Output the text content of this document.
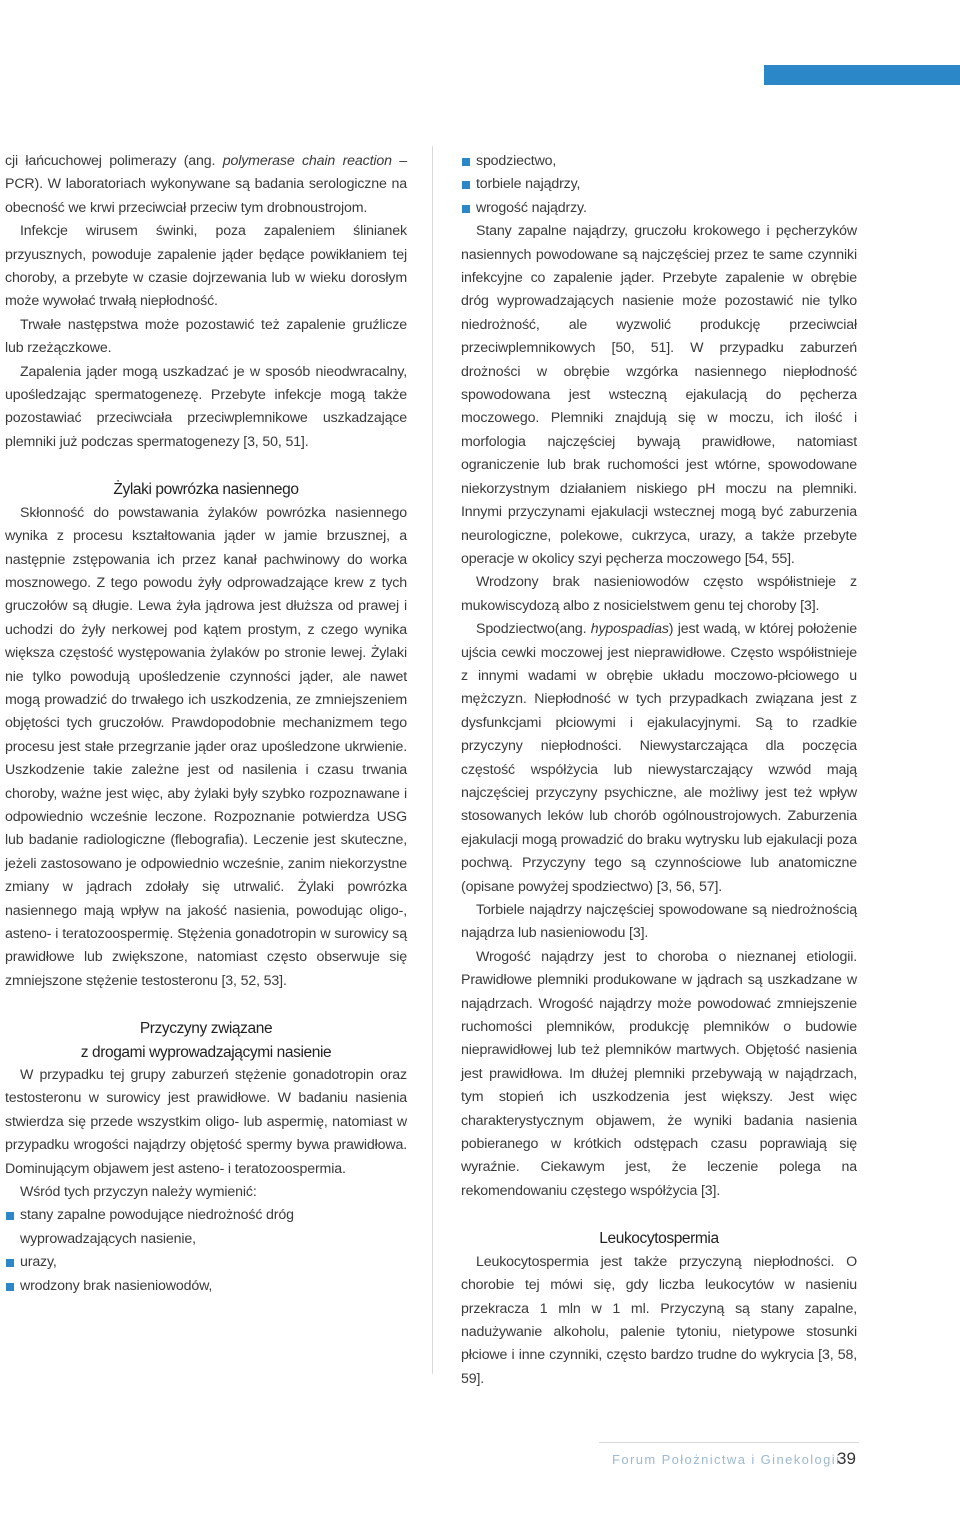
cji łańcuchowej polimerazy (ang. polymerase chain reaction – PCR). W laboratoriach wykonywane są badania serologiczne na obecność we krwi przeciwciał przeciw tym drobnoustrojom.

Infekcje wirusem świnki, poza zapaleniem ślinianek przyusznych, powoduje zapalenie jąder będące powikłaniem tej choroby, a przebyte w czasie dojrzewania lub w wieku dorosłym może wywołać trwałą niepłodność.

Trwałe następstwa może pozostawić też zapalenie gruźlicze lub rzeżączkowe.

Zapalenia jąder mogą uszkadzać je w sposób nieodwracalny, upośledzając spermatogenezę. Przebyte infekcje mogą także pozostawiać przeciwciała przeciwplemnikowe uszkadzające plemniki już podczas spermatogenezy [3, 50, 51].

Żylaki powrózka nasiennego

Skłonność do powstawania żylaków powrózka nasiennego wynika z procesu kształtowania jąder w jamie brzusznej, a następnie zstępowania ich przez kanał pachwinowy do worka mosznowego. Z tego powodu żyły odprowadzające krew z tych gruczołów są długie. Lewa żyła jądrowa jest dłuższa od prawej i uchodzi do żyły nerkowej pod kątem prostym, z czego wynika większa częstość występowania żylaków po stronie lewej. Żylaki nie tylko powodują upośledzenie czynności jąder, ale nawet mogą prowadzić do trwałego ich uszkodzenia, ze zmniejszeniem objętości tych gruczołów. Prawdopodobnie mechanizmem tego procesu jest stałe przegrzanie jąder oraz upośledzone ukrwienie. Uszkodzenie takie zależne jest od nasilenia i czasu trwania choroby, ważne jest więc, aby żylaki były szybko rozpoznawane i odpowiednio wcześnie leczone. Rozpoznanie potwierdza USG lub badanie radiologiczne (flebografia). Leczenie jest skuteczne, jeżeli zastosowano je odpowiednio wcześnie, zanim niekorzystne zmiany w jądrach zdołały się utrwalić. Żylaki powrózka nasiennego mają wpływ na jakość nasienia, powodując oligo-, asteno- i teratozoospermię. Stężenia gonadotropin w surowicy są prawidłowe lub zwiększone, natomiast często obserwuje się zmniejszone stężenie testosteronu [3, 52, 53].

Przyczyny związane
z drogami wyprowadzającymi nasienie

W przypadku tej grupy zaburzeń stężenie gonadotropin oraz testosteronu w surowicy jest prawidłowe. W badaniu nasienia stwierdza się przede wszystkim oligo- lub aspermię, natomiast w przypadku wrogości najądrzy objętość spermy bywa prawidłowa. Dominującym objawem jest asteno- i teratozoospermia.

Wśród tych przyczyn należy wymienić:

stany zapalne powodujące niedrożność dróg wyprowadzających nasienie,
urazy,
wrodzony brak nasieniowodów,
spodziectwo,
torbiele najądrzy,
wrogość najądrzy.

Stany zapalne najądrzy, gruczołu krokowego i pęcherzyków nasiennych powodowane są najczęściej przez te same czynniki infekcyjne co zapalenie jąder. Przebyte zapalenie w obrębie dróg wyprowadzających nasienie może pozostawić nie tylko niedrożność, ale wyzwolić produkcję przeciwciał przeciwplemnikowych [50, 51]. W przypadku zaburzeń drożności w obrębie wzgórka nasiennego niepłodność spowodowana jest wsteczną ejakulacją do pęcherza moczowego. Plemniki znajdują się w moczu, ich ilość i morfologia najczęściej bywają prawidłowe, natomiast ograniczenie lub brak ruchomości jest wtórne, spowodowane niekorzystnym działaniem niskiego pH moczu na plemniki. Innymi przyczynami ejakulacji wstecznej mogą być zaburzenia neurologiczne, polekowe, cukrzyca, urazy, a także przebyte operacje w okolicy szyi pęcherza moczowego [54, 55].

Wrodzony brak nasieniowodów często współistnieje z mukowiscydozą albo z nosicielstwem genu tej choroby [3].

Spodziectwo(ang. hypospadias) jest wadą, w której położenie ujścia cewki moczowej jest nieprawidłowe. Często współistnieje z innymi wadami w obrębie układu moczowo-płciowego u mężczyzn. Niepłodność w tych przypadkach związana jest z dysfunkcjami płciowymi i ejakulacyjnymi. Są to rzadkie przyczyny niepłodności. Niewystarczająca dla poczęcia częstość współżycia lub niewystarczający wzwód mają najczęściej przyczyny psychiczne, ale możliwy jest też wpływ stosowanych leków lub chorób ogólnoustrojowych. Zaburzenia ejakulacji mogą prowadzić do braku wytrysku lub ejakulacji poza pochwą. Przyczyny tego są czynnościowe lub anatomiczne (opisane powyżej spodziectwo) [3, 56, 57].

Torbiele najądrzy najczęściej spowodowane są niedrożnością najądrza lub nasieniowodu [3].

Wrogość najądrzy jest to choroba o nieznanej etiologii. Prawidłowe plemniki produkowane w jądrach są uszkadzane w najądrzach. Wrogość najądrzy może powodować zmniejszenie ruchomości plemników, produkcję plemników o budowie nieprawidłowej lub też plemników martwych. Objętość nasienia jest prawidłowa. Im dłużej plemniki przebywają w najądrzach, tym stopień ich uszkodzenia jest większy. Jest więc charakterystycznym objawem, że wyniki badania nasienia pobieranego w krótkich odstępach czasu poprawiają się wyraźnie. Ciekawym jest, że leczenie polega na rekomendowaniu częstego współżycia [3].

Leukocytospermia

Leukocytospermia jest także przyczyną niepłodności. O chorobie tej mówi się, gdy liczba leukocytów w nasieniu przekracza 1 mln w 1 ml. Przyczyną są stany zapalne, nadużywanie alkoholu, palenie tytoniu, nietypowe stosunki płciowe i inne czynniki, często bardzo trudne do wykrycia [3, 58, 59].

Forum Położnictwa i Ginekologii
39
